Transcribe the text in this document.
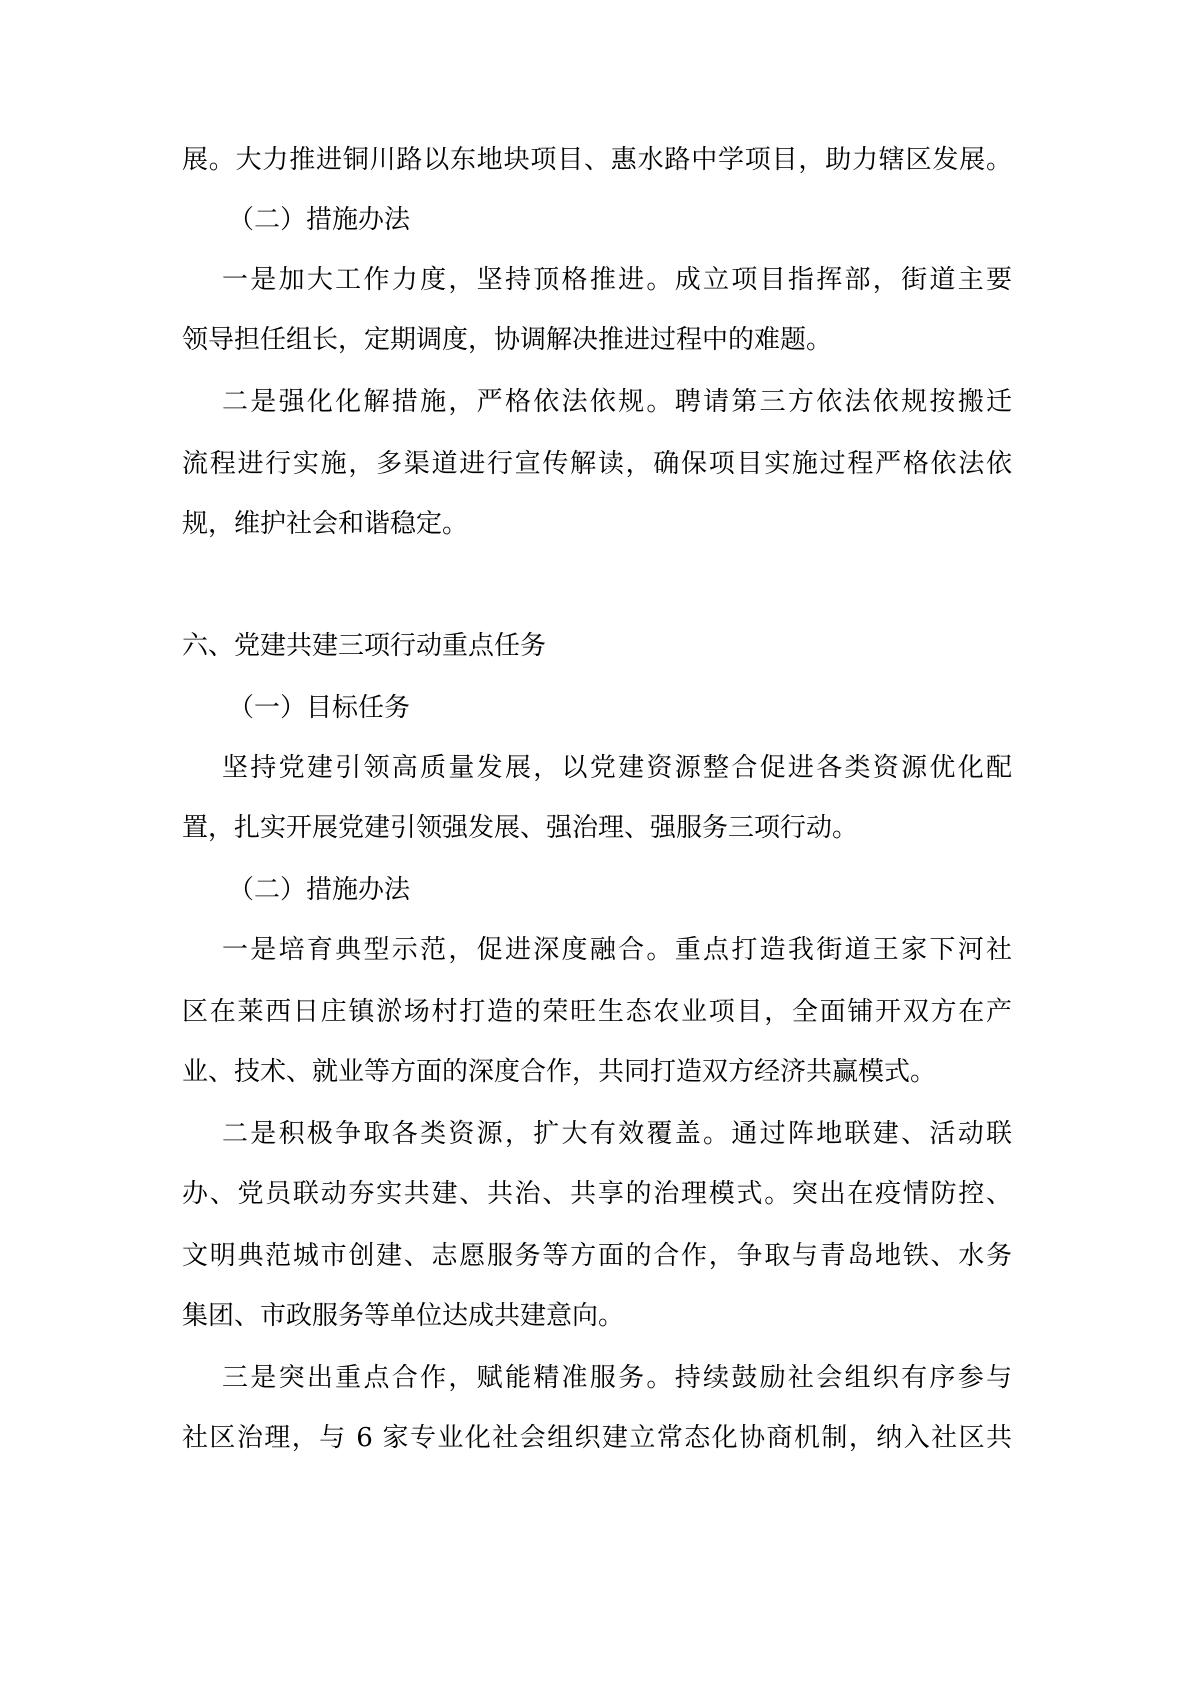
展。大力推进铜川路以东地块项目、惠水路中学项目，助力辖区发展。
（二）措施办法
一是加大工作力度，坚持顶格推进。成立项目指挥部，街道主要
领导担任组长，定期调度，协调解决推进过程中的难题。
二是强化化解措施，严格依法依规。聘请第三方依法依规按搬迁
流程进行实施，多渠道进行宣传解读，确保项目实施过程严格依法依
规，维护社会和谐稳定。
六、党建共建三项行动重点任务
（一）目标任务
坚持党建引领高质量发展，以党建资源整合促进各类资源优化配
置，扎实开展党建引领强发展、强治理、强服务三项行动。
（二）措施办法
一是培育典型示范，促进深度融合。重点打造我街道王家下河社
区在莱西日庄镇淤场村打造的荣旺生态农业项目，全面铺开双方在产
业、技术、就业等方面的深度合作，共同打造双方经济共赢模式。
二是积极争取各类资源，扩大有效覆盖。通过阵地联建、活动联
办、党员联动夯实共建、共治、共享的治理模式。突出在疫情防控、
文明典范城市创建、志愿服务等方面的合作，争取与青岛地铁、水务
集团、市政服务等单位达成共建意向。
三是突出重点合作，赋能精准服务。持续鼓励社会组织有序参与
社区治理，与 6 家专业化社会组织建立常态化协商机制，纳入社区共
